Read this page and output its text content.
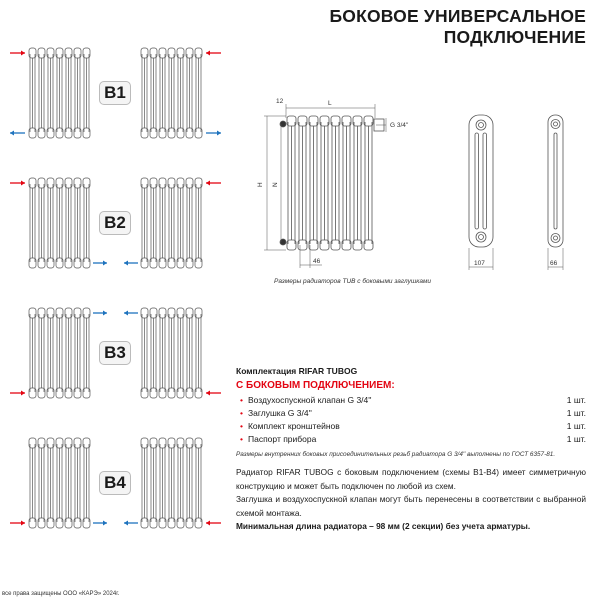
БОКОВОЕ УНИВЕРСАЛЬНОЕ
ПОДКЛЮЧЕНИЕ
B1
B2
B3
B4
12	L
H N
46
G 3/4''
107	66
Размеры радиаторов TUB с боковыми заглушками
Комплектация RIFAR TUBOG
С БОКОВЫМ ПОДКЛЮЧЕНИЕМ:
• Воздухоспускной клапан G 3/4''	1 шт.
• Заглушка G 3/4''	1 шт.
• Комплект кронштейнов	1 шт.
• Паспорт прибора	1 шт.
Размеры внутренних боковых присоединительных резьб радиатора G 3/4'' выполнены по ГОСТ 6357-81.
Радиатор RIFAR TUBOG с боковым подключением (схемы В1-В4) имеет симметричную конструкцию и может быть подключен по любой из схем.
Заглушка и воздухоспускной клапан могут быть перенесены в соответствии с выбранной схемой монтажа.
Минимальная длина радиатора – 98 мм (2 секции) без учета арматуры.
все права защищены ООО «КАРЭ» 2024г.
